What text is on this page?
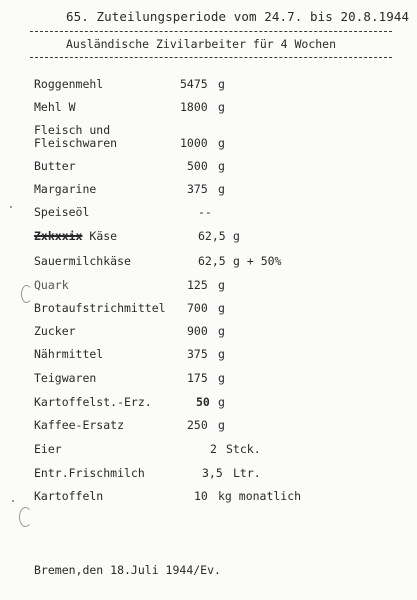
65. Zuteilungsperiode vom 24.7. bis 20.8.1944
Ausländische Zivilarbeiter für 4 Wochen
Roggenmehl	5475 g
Mehl W	1800 g
Fleisch und
Fleischwaren	1000 g
Butter	500 g
Margarine	375 g
Speiseöl	--
Zxkxxix Käse	62,5 g
Sauermilchkäse	62,5 g + 50%
Quark	125 g
Brotaufstrichmittel 700 g
Zucker	900 g
Nährmittel	375 g
Teigwaren	175 g
Kartoffelst.-Erz.	50 g
Kaffee-Ersatz	250 g
Eier	2 Stck.
Entr.Frischmilch	3,5 Ltr.
Kartoffeln	10 kg monatlich
Bremen,den 18.Juli 1944/Ev.
